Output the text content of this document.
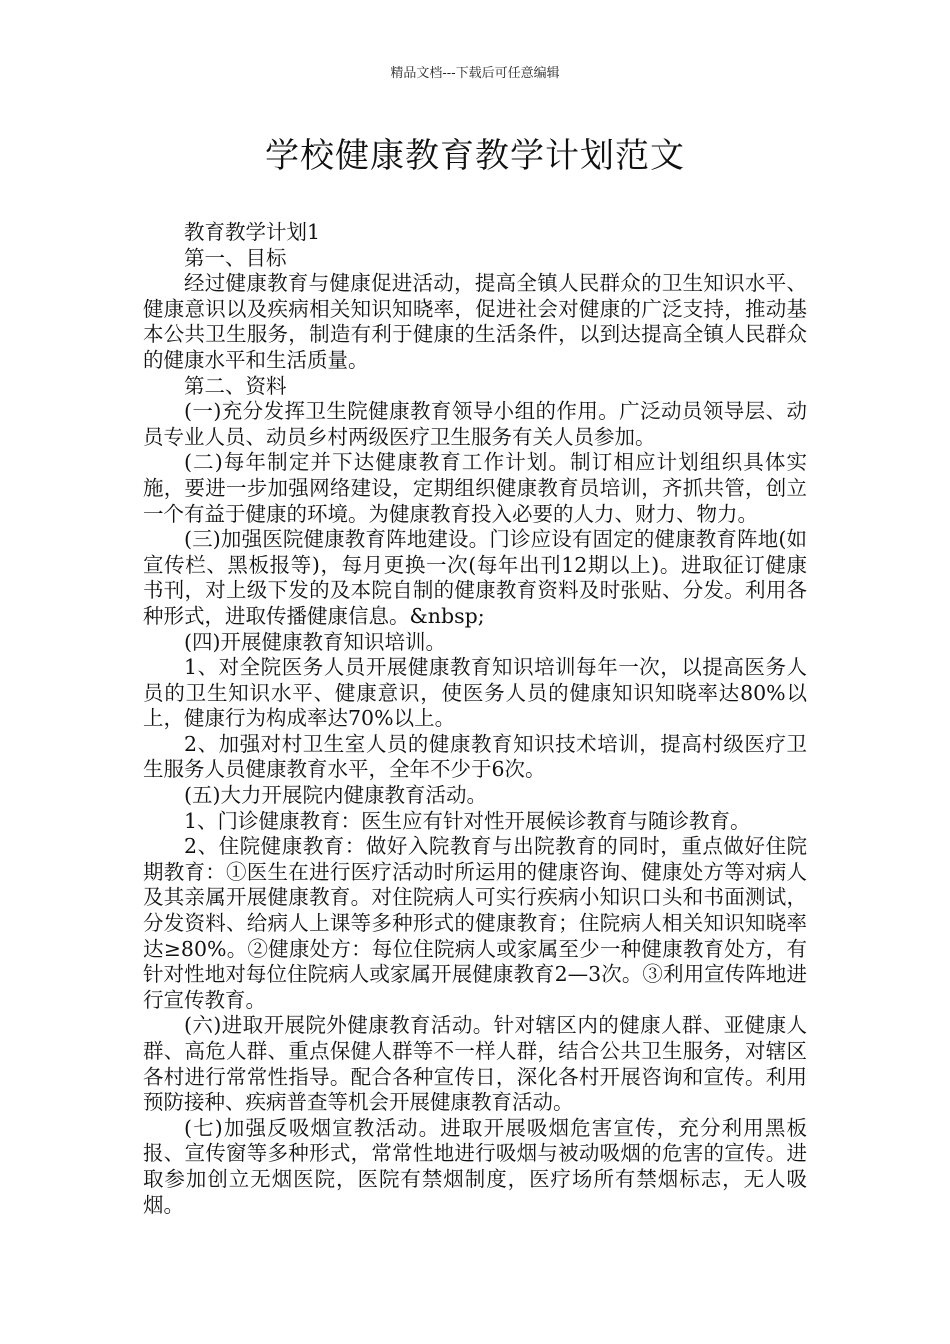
精品文档---下载后可任意编辑
学校健康教育教学计划范文

教育教学计划1

第一、目标

经过健康教育与健康促进活动，提高全镇人民群众的卫生知识水平、健康意识以及疾病相关知识知晓率，促进社会对健康的广泛支持，推动基本公共卫生服务，制造有利于健康的生活条件，以到达提高全镇人民群众的健康水平和生活质量。

第二、资料

(一)充分发挥卫生院健康教育领导小组的作用。广泛动员领导层、动员专业人员、动员乡村两级医疗卫生服务有关人员参加。

(二)每年制定并下达健康教育工作计划。制订相应计划组织具体实施，要进一步加强网络建设，定期组织健康教育员培训，齐抓共管，创立一个有益于健康的环境。为健康教育投入必要的人力、财力、物力。

(三)加强医院健康教育阵地建设。门诊应设有固定的健康教育阵地(如宣传栏、黑板报等)，每月更换一次(每年出刊12期以上)。进取征订健康书刊，对上级下发的及本院自制的健康教育资料及时张贴、分发。利用各种形式，进取传播健康信息。&nbsp;

(四)开展健康教育知识培训。

1、对全院医务人员开展健康教育知识培训每年一次，以提高医务人员的卫生知识水平、健康意识，使医务人员的健康知识知晓率达80%以上，健康行为构成率达70%以上。

2、加强对村卫生室人员的健康教育知识技术培训，提高村级医疗卫生服务人员健康教育水平，全年不少于6次。

(五)大力开展院内健康教育活动。

1、门诊健康教育：医生应有针对性开展候诊教育与随诊教育。

2、住院健康教育：做好入院教育与出院教育的同时，重点做好住院期教育：①医生在进行医疗活动时所运用的健康咨询、健康处方等对病人及其亲属开展健康教育。对住院病人可实行疾病小知识口头和书面测试，分发资料、给病人上课等多种形式的健康教育；住院病人相关知识知晓率达≥80%。②健康处方：每位住院病人或家属至少一种健康教育处方，有针对性地对每位住院病人或家属开展健康教育2—3次。③利用宣传阵地进行宣传教育。

(六)进取开展院外健康教育活动。针对辖区内的健康人群、亚健康人群、高危人群、重点保健人群等不一样人群，结合公共卫生服务，对辖区各村进行常常性指导。配合各种宣传日，深化各村开展咨询和宣传。利用预防接种、疾病普查等机会开展健康教育活动。

(七)加强反吸烟宣教活动。进取开展吸烟危害宣传，充分利用黑板报、宣传窗等多种形式，常常性地进行吸烟与被动吸烟的危害的宣传。进取参加创立无烟医院，医院有禁烟制度，医疗场所有禁烟标志，无人吸烟。
